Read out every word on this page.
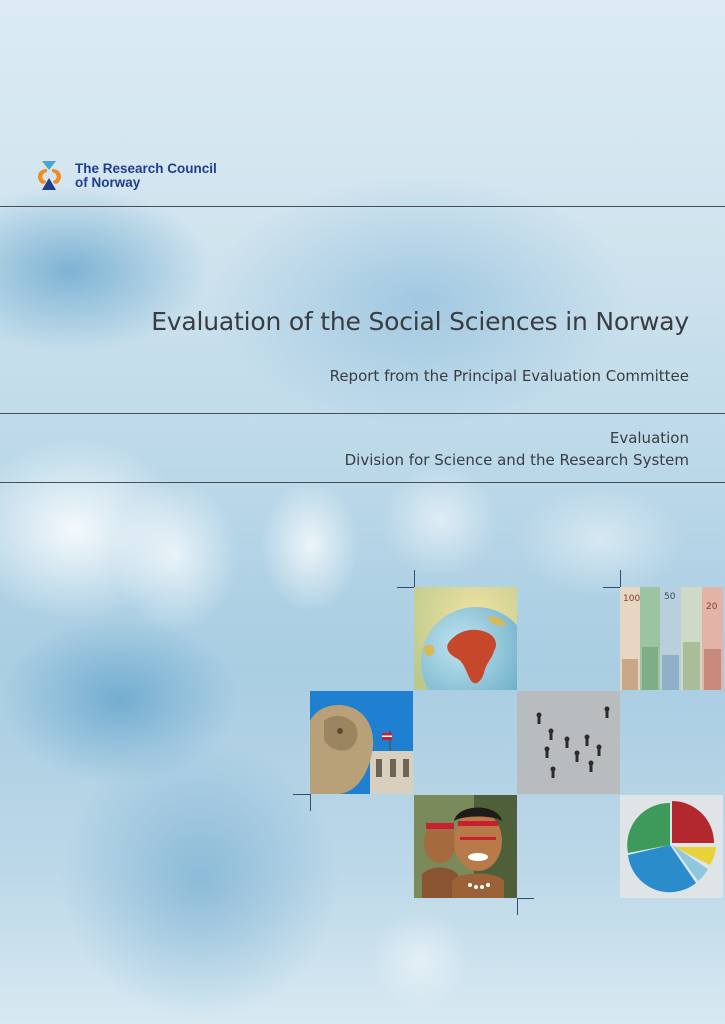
The Research Council
of Norway
Evaluation of the Social Sciences in Norway
Report from the Principal Evaluation Committee
Evaluation
Division for Science and the Research System
100	50
20
